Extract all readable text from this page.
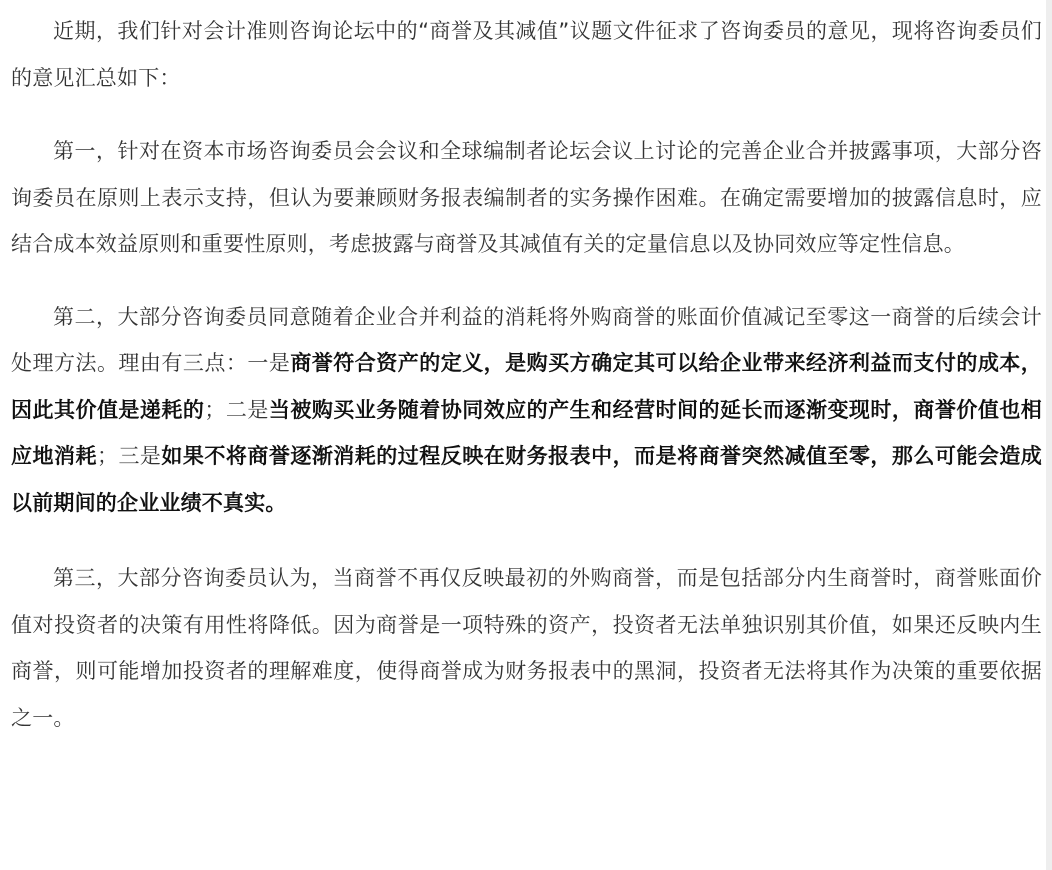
近期，我们针对会计准则咨询论坛中的“商誉及其减值”议题文件征求了咨询委员的意见，现将咨询委员们的意见汇总如下：

第一，针对在资本市场咨询委员会会议和全球编制者论坛会议上讨论的完善企业合并披露事项，大部分咨询委员在原则上表示支持，但认为要兼顾财务报表编制者的实务操作困难。在确定需要增加的披露信息时，应结合成本效益原则和重要性原则，考虑披露与商誉及其减值有关的定量信息以及协同效应等定性信息。

第二，大部分咨询委员同意随着企业合并利益的消耗将外购商誉的账面价值减记至零这一商誉的后续会计处理方法。理由有三点：一是商誉符合资产的定义，是购买方确定其可以给企业带来经济利益而支付的成本，因此其价值是递耗的；二是当被购买业务随着协同效应的产生和经营时间的延长而逐渐变现时，商誉价值也相应地消耗；三是如果不将商誉逐渐消耗的过程反映在财务报表中，而是将商誉突然减值至零，那么可能会造成以前期间的企业业绩不真实。

第三，大部分咨询委员认为，当商誉不再仅反映最初的外购商誉，而是包括部分内生商誉时，商誉账面价值对投资者的决策有用性将降低。因为商誉是一项特殊的资产，投资者无法单独识别其价值，如果还反映内生商誉，则可能增加投资者的理解难度，使得商誉成为财务报表中的黑洞，投资者无法将其作为决策的重要依据之一。
